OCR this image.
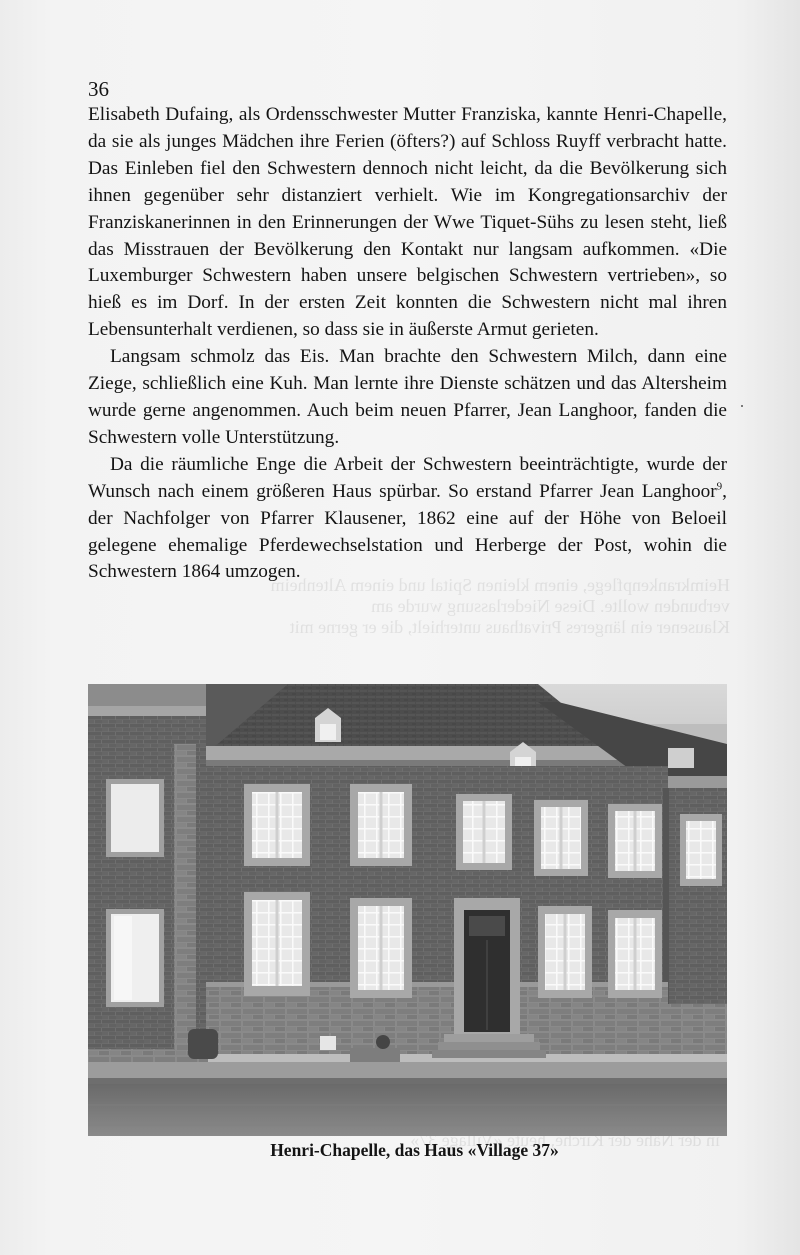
Heimkrankenpflege, einem kleinen Spital und einem Altenheim
verbunden wollte. Diese Niederlassung wurde am
Klausener ein längeres Privathaus unterhielt, die er gerne mit
in der Nähe der Kirche, heute «Village 37»
36

Elisabeth Dufaing, als Ordensschwester Mutter Franziska, kannte Henri-Chapelle, da sie als junges Mädchen ihre Ferien (öfters?) auf Schloss Ruyff verbracht hatte. Das Einleben fiel den Schwestern dennoch nicht leicht, da die Bevölkerung sich ihnen gegenüber sehr distanziert verhielt. Wie im Kongregationsarchiv der Franziskanerinnen in den Erinnerungen der Wwe Tiquet-Sühs zu lesen steht, ließ das Misstrauen der Bevölkerung den Kontakt nur langsam aufkommen. «Die Luxemburger Schwestern haben unsere belgischen Schwestern vertrieben», so hieß es im Dorf. In der ersten Zeit konnten die Schwestern nicht mal ihren Lebensunterhalt verdienen, so dass sie in äußerste Armut gerieten.

Langsam schmolz das Eis. Man brachte den Schwestern Milch, dann eine Ziege, schließlich eine Kuh. Man lernte ihre Dienste schätzen und das Altersheim wurde gerne angenommen. Auch beim neuen Pfarrer, Jean Langhoor, fanden die Schwestern volle Unterstützung.

Da die räumliche Enge die Arbeit der Schwestern beeinträchtigte, wurde der Wunsch nach einem größeren Haus spürbar. So erstand Pfarrer Jean Langhoor$^9$, der Nachfolger von Pfarrer Klausener, 1862 eine auf der Höhe von Beloeil gelegene ehemalige Pferdewechselstation und Herberge der Post, wohin die Schwestern 1864 umzogen.

Henri-Chapelle, das Haus «Village 37»
